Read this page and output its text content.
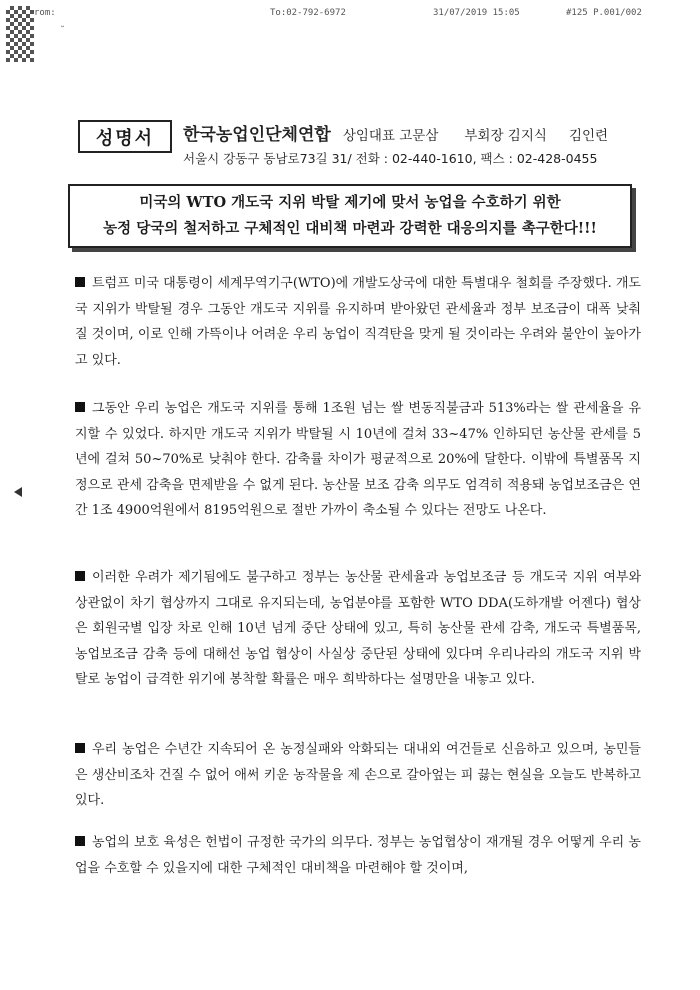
˘
rom:	To:02-792-6972	31/07/2019 15:05	#125 P.001/002
성명서	한국농업인단체연합 상임대표 고문삼 부회장 김지식 김인련
서울시 강동구 동남로73길 31/ 전화 : 02-440-1610, 팩스 : 02-428-0455
미국의 WTO 개도국 지위 박탈 제기에 맞서 농업을 수호하기 위한
농정 당국의 철저하고 구체적인 대비책 마련과 강력한 대응의지를 촉구한다!!!
트럼프 미국 대통령이 세계무역기구(WTO)에 개발도상국에 대한 특별대우 철회를 주장했다. 개도국 지위가 박탈될 경우 그동안 개도국 지위를 유지하며 받아왔던 관세율과 정부 보조금이 대폭 낮춰질 것이며, 이로 인해 가뜩이나 어려운 우리 농업이 직격탄을 맞게 될 것이라는 우려와 불안이 높아가고 있다.
그동안 우리 농업은 개도국 지위를 통해 1조원 넘는 쌀 변동직불금과 513%라는 쌀 관세율을 유지할 수 있었다. 하지만 개도국 지위가 박탈될 시 10년에 걸쳐 33~47% 인하되던 농산물 관세를 5년에 걸쳐 50~70%로 낮춰야 한다. 감축률 차이가 평균적으로 20%에 달한다. 이밖에 특별품목 지정으로 관세 감축을 면제받을 수 없게 된다. 농산물 보조 감축 의무도 엄격히 적용돼 농업보조금은 연간 1조 4900억원에서 8195억원으로 절반 가까이 축소될 수 있다는 전망도 나온다.
이러한 우려가 제기됨에도 불구하고 정부는 농산물 관세율과 농업보조금 등 개도국 지위 여부와 상관없이 차기 협상까지 그대로 유지되는데, 농업분야를 포함한 WTO DDA(도하개발 어젠다) 협상은 회원국별 입장 차로 인해 10년 넘게 중단 상태에 있고, 특히 농산물 관세 감축, 개도국 특별품목, 농업보조금 감축 등에 대해선 농업 협상이 사실상 중단된 상태에 있다며 우리나라의 개도국 지위 박탈로 농업이 급격한 위기에 봉착할 확률은 매우 희박하다는 설명만을 내놓고 있다.
우리 농업은 수년간 지속되어 온 농정실패와 악화되는 대내외 여건들로 신음하고 있으며, 농민들은 생산비조차 건질 수 없어 애써 키운 농작물을 제 손으로 갈아엎는 피 끓는 현실을 오늘도 반복하고 있다.
농업의 보호 육성은 헌법이 규정한 국가의 의무다. 정부는 농업협상이 재개될 경우 어떻게 우리 농업을 수호할 수 있을지에 대한 구체적인 대비책을 마련해야 할 것이며,
